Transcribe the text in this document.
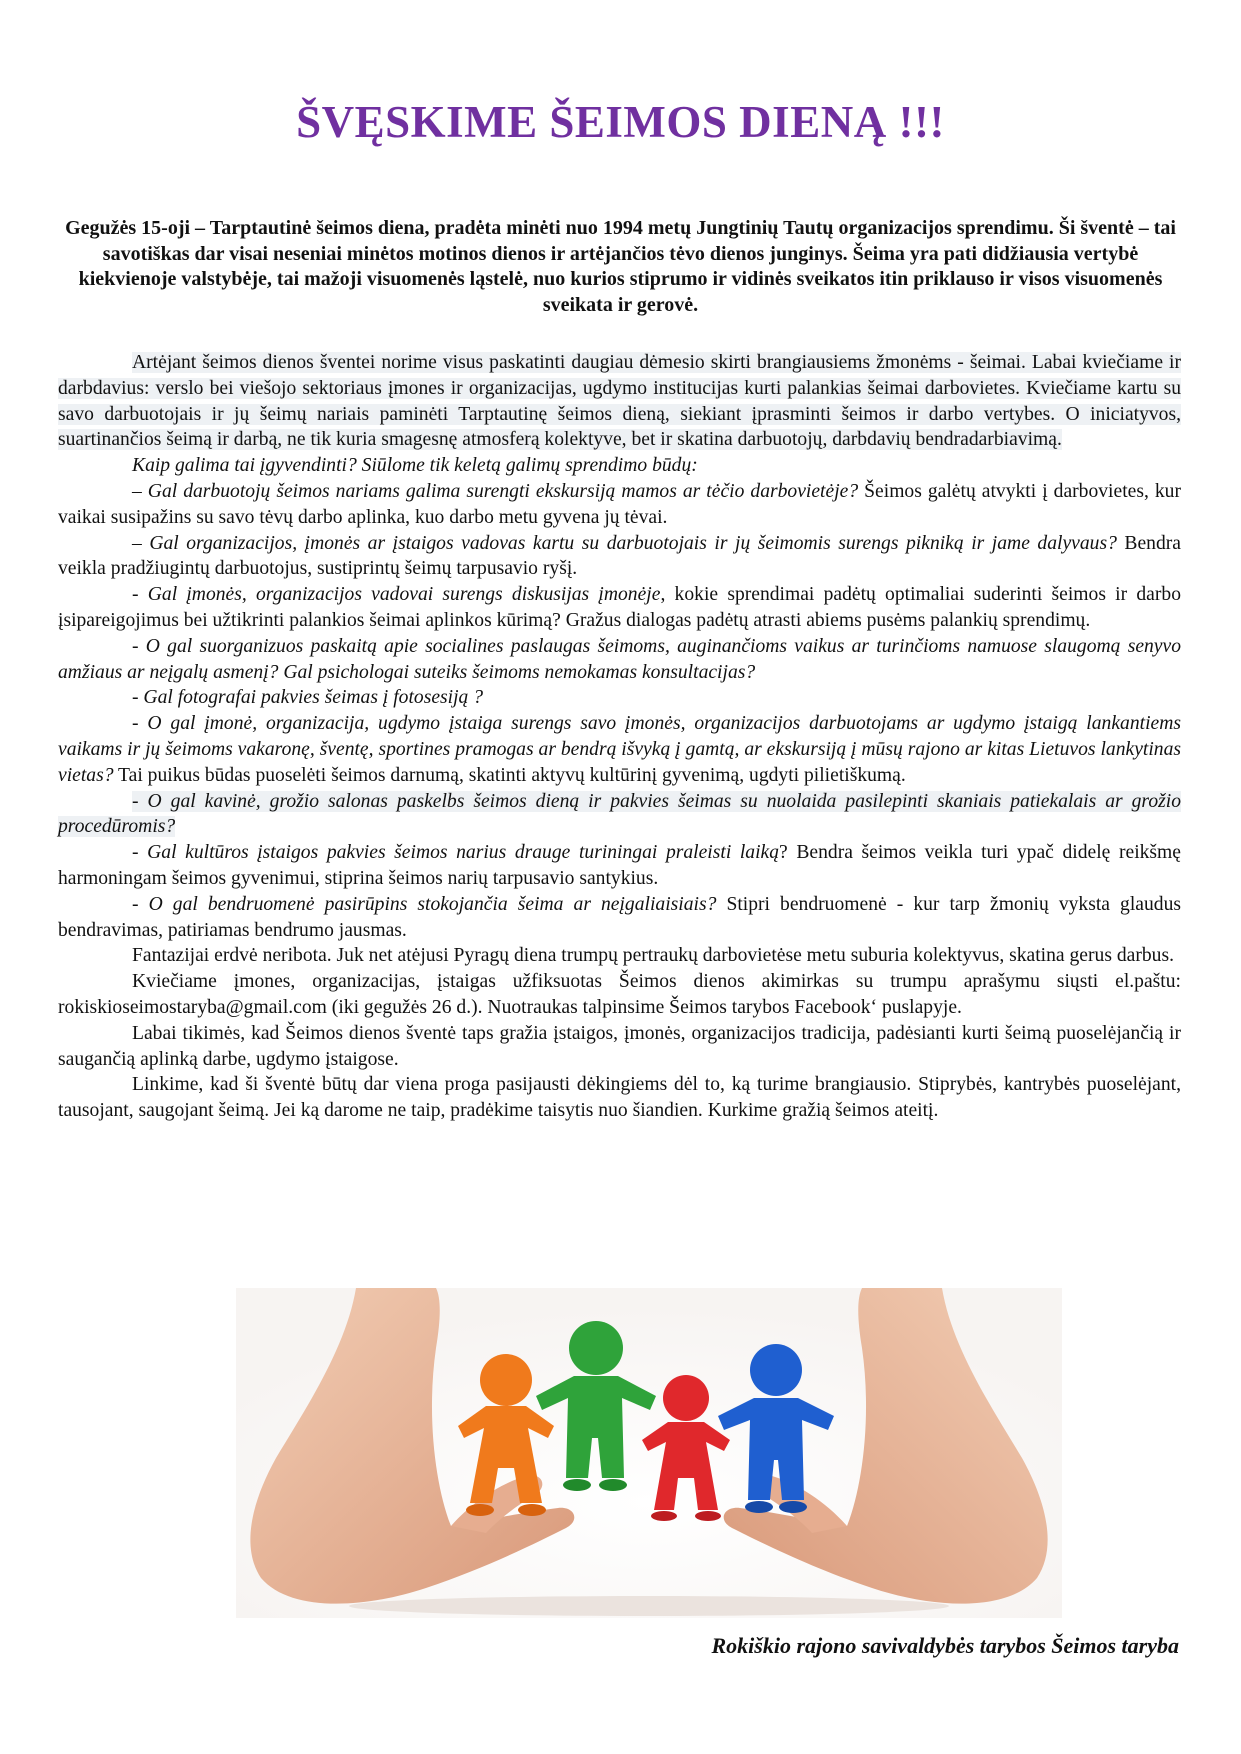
ŠVĘSKIME ŠEIMOS DIENĄ !!!

Gegužės 15-oji – Tarptautinė šeimos diena, pradėta minėti nuo 1994 metų Jungtinių Tautų organizacijos sprendimu. Ši šventė – tai savotiškas dar visai neseniai minėtos motinos dienos ir artėjančios tėvo dienos junginys. Šeima yra pati didžiausia vertybė kiekvienoje valstybėje, tai mažoji visuomenės ląstelė, nuo kurios stiprumo ir vidinės sveikatos itin priklauso ir visos visuomenės sveikata ir gerovė.

Artėjant šeimos dienos šventei norime visus paskatinti daugiau dėmesio skirti brangiausiems žmonėms - šeimai. Labai kviečiame ir darbdavius: verslo bei viešojo sektoriaus įmones ir organizacijas, ugdymo institucijas kurti palankias šeimai darbovietes. Kviečiame kartu su savo darbuotojais ir jų šeimų nariais paminėti Tarptautinę šeimos dieną, siekiant įprasminti šeimos ir darbo vertybes. O iniciatyvos, suartinančios šeimą ir darbą, ne tik kuria smagesnę atmosferą kolektyve, bet ir skatina darbuotojų, darbdavių bendradarbiavimą.

Kaip galima tai įgyvendinti? Siūlome tik keletą galimų sprendimo būdų:

– Gal darbuotojų šeimos nariams galima surengti ekskursiją mamos ar tėčio darbovietėje? Šeimos galėtų atvykti į darbovietes, kur vaikai susipažins su savo tėvų darbo aplinka, kuo darbo metu gyvena jų tėvai.

– Gal organizacijos, įmonės ar įstaigos vadovas kartu su darbuotojais ir jų šeimomis surengs pikniką ir jame dalyvaus? Bendra veikla pradžiugintų darbuotojus, sustiprintų šeimų tarpusavio ryšį.

- Gal įmonės, organizacijos vadovai surengs diskusijas įmonėje, kokie sprendimai padėtų optimaliai suderinti šeimos ir darbo įsipareigojimus bei užtikrinti palankios šeimai aplinkos kūrimą? Gražus dialogas padėtų atrasti abiems pusėms palankių sprendimų.

- O gal suorganizuos paskaitą apie socialines paslaugas šeimoms, auginančioms vaikus ar turinčioms namuose slaugomą senyvo amžiaus ar neįgalų asmenį? Gal psichologai suteiks šeimoms nemokamas konsultacijas?

- Gal fotografai pakvies šeimas į fotosesiją ?

- O gal įmonė, organizacija, ugdymo įstaiga surengs savo įmonės, organizacijos darbuotojams ar ugdymo įstaigą lankantiems vaikams ir jų šeimoms vakaronę, šventę, sportines pramogas ar bendrą išvyką į gamtą, ar ekskursiją į mūsų rajono ar kitas Lietuvos lankytinas vietas? Tai puikus būdas puoselėti šeimos darnumą, skatinti aktyvų kultūrinį gyvenimą, ugdyti pilietiškumą.

- O gal kavinė, grožio salonas paskelbs šeimos dieną ir pakvies šeimas su nuolaida pasilepinti skaniais patiekalais ar grožio procedūromis?

- Gal kultūros įstaigos pakvies šeimos narius drauge turiningai praleisti laiką? Bendra šeimos veikla turi ypač didelę reikšmę harmoningam šeimos gyvenimui, stiprina šeimos narių tarpusavio santykius.

- O gal bendruomenė pasirūpins stokojančia šeima ar neįgaliaisiais? Stipri bendruomenė - kur tarp žmonių vyksta glaudus bendravimas, patiriamas bendrumo jausmas.

Fantazijai erdvė neribota. Juk net atėjusi Pyragų diena trumpų pertraukų darbovietėse metu suburia kolektyvus, skatina gerus darbus.

Kviečiame įmones, organizacijas, įstaigas užfiksuotas Šeimos dienos akimirkas su trumpu aprašymu siųsti el.paštu: rokiskioseimostaryba@gmail.com (iki gegužės 26 d.). Nuotraukas talpinsime Šeimos tarybos Facebook‘ puslapyje.

Labai tikimės, kad Šeimos dienos šventė taps gražia įstaigos, įmonės, organizacijos tradicija, padėsianti kurti šeimą puoselėjančią ir saugančią aplinką darbe, ugdymo įstaigose.

Linkime, kad ši šventė būtų dar viena proga pasijausti dėkingiems dėl to, ką turime brangiausio. Stiprybės, kantrybės puoselėjant, tausojant, saugojant šeimą. Jei ką darome ne taip, pradėkime taisytis nuo šiandien. Kurkime gražią šeimos ateitį.

Rokiškio rajono savivaldybės tarybos Šeimos taryba
